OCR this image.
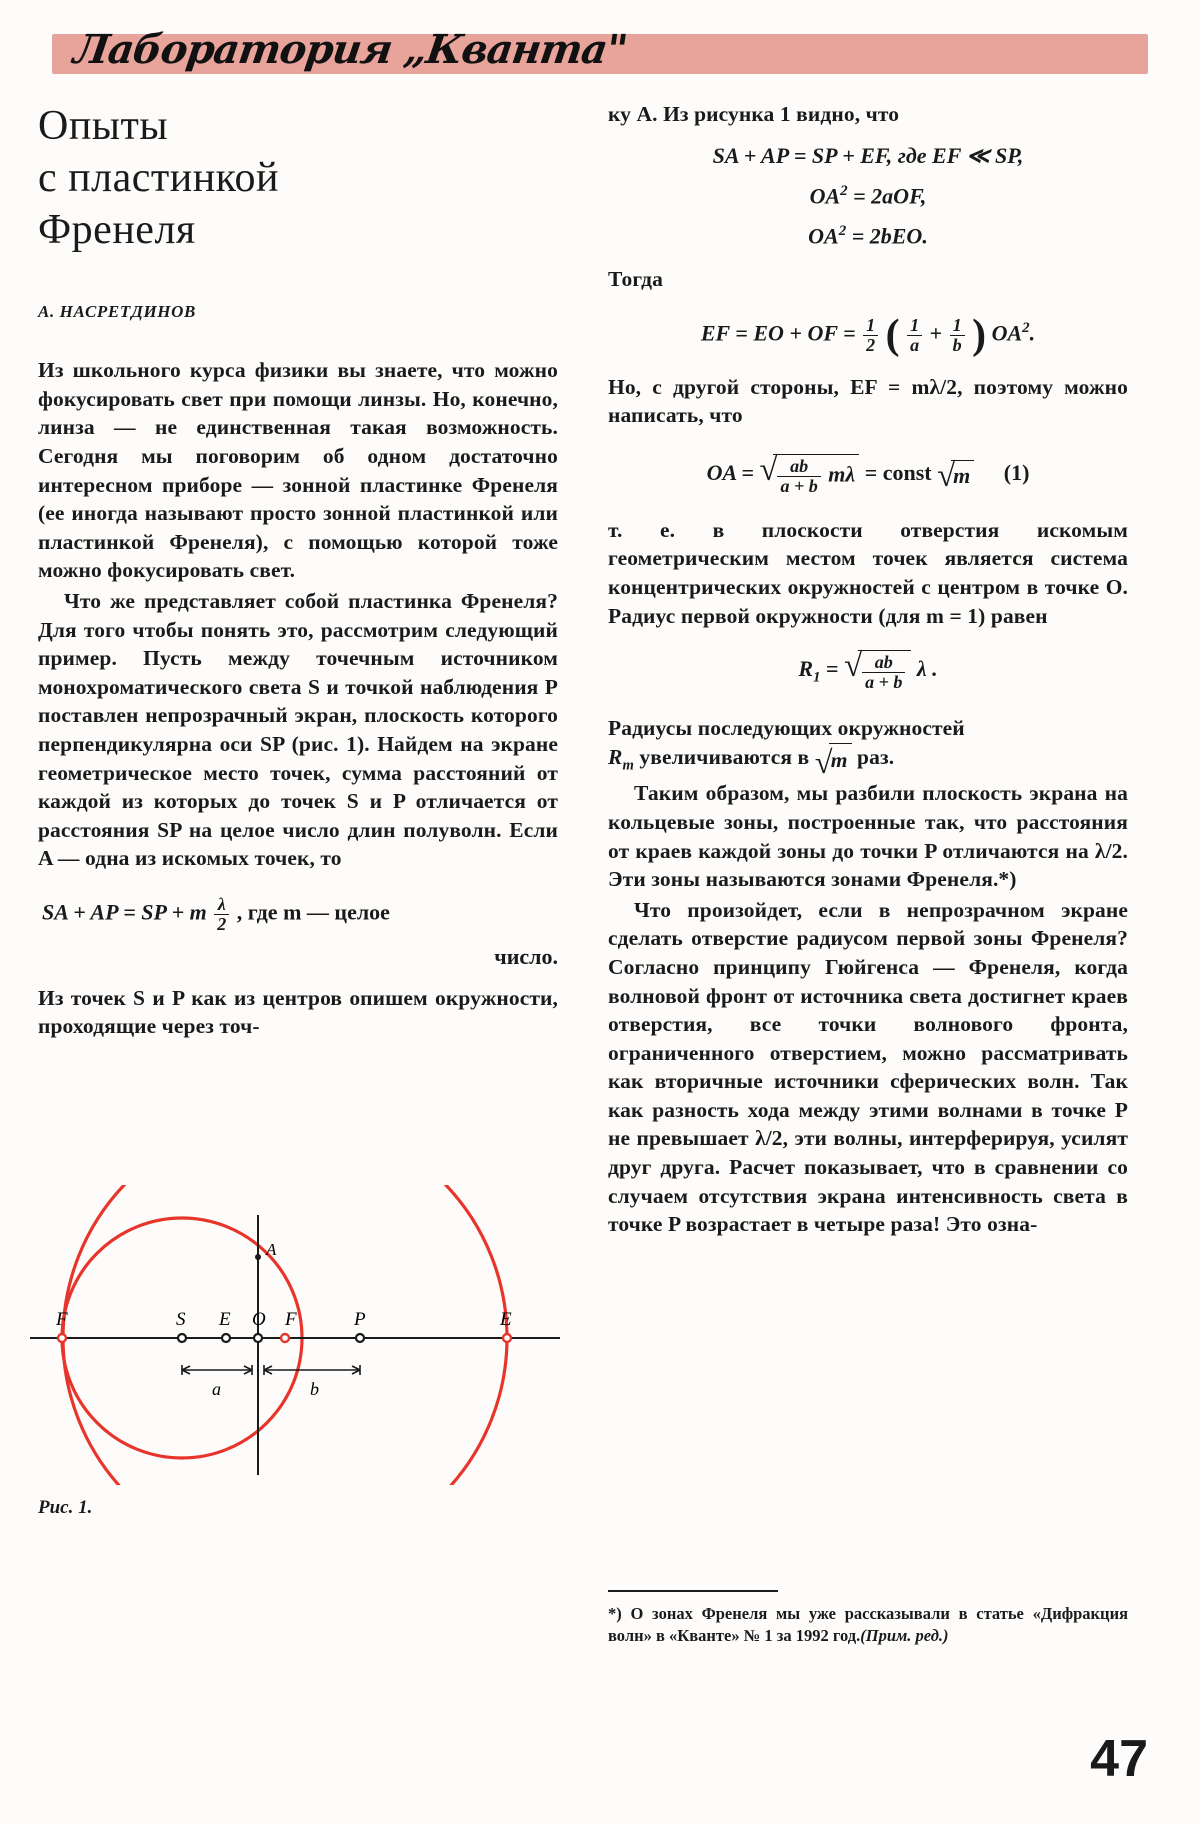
Лаборатория „Кванта"
Опыты
с пластинкой
Френеля
А. НАСРЕТДИНОВ

Из школьного курса физики вы знаете, что можно фокусировать свет при помощи линзы. Но, конечно, линза — не единственная такая возможность. Сегодня мы поговорим об одном достаточно интересном приборе — зонной пластинке Френеля (ее иногда называют просто зонной пластинкой или пластинкой Френеля), с помощью которой тоже можно фокусировать свет.

Что же представляет собой пластинка Френеля? Для того чтобы понять это, рассмотрим следующий пример. Пусть между точечным источником монохроматического света S и точкой наблюдения P поставлен непрозрачный экран, плоскость которого перпендикулярна оси SP (рис. 1). Найдем на экране геометрическое место точек, сумма расстояний от каждой из которых до точек S и P отличается от расстояния SP на целое число длин полуволн. Если A — одна из искомых точек, то

SA + AP = SP + m $\frac{\lambda}{2}$ , где m — целое
число.

Из точек S и P как из центров опишем окружности, проходящие через точ-

F	S E O F	P	E
A
a	b
Рис. 1.

ку A. Из рисунка 1 видно, что

SA + AP = SP + EF, где EF ≪ SP,
$OA^2 = 2aOF$,
$OA^2 = 2bEO$.

Тогда

EF = EO + OF = $\frac{1}{2}$ ( $\frac{1}{a} + \frac{1}{b}$ ) $OA^2$.

Но, с другой стороны, EF = mλ/2, поэтому можно написать, что

OA = √ $\frac{ab}{a + b}$ mλ = const √ m (1)

т. е. в плоскости отверстия искомым геометрическим местом точек является система концентрических окружностей с центром в точке O. Радиус первой окружности (для m = 1) равен

$R_1$ = √ $\frac{ab}{a + b}$ λ .

Радиусы последующих окружностей

$R_m$ увеличиваются в √ m раз.

Таким образом, мы разбили плоскость экрана на кольцевые зоны, построенные так, что расстояния от краев каждой зоны до точки P отличаются на λ/2. Эти зоны называются зонами Френеля.*)

Что произойдет, если в непрозрачном экране сделать отверстие радиусом первой зоны Френеля? Согласно принципу Гюйгенса — Френеля, когда волновой фронт от источника света достигнет краев отверстия, все точки волнового фронта, ограниченного отверстием, можно рассматривать как вторичные источники сферических волн. Так как разность хода между этими волнами в точке P не превышает λ/2, эти волны, интерферируя, усилят друг друга. Расчет показывает, что в сравнении со случаем отсутствия экрана интенсивность света в точке P возрастает в четыре раза! Это озна-

*) О зонах Френеля мы уже рассказывали в статье «Дифракция волн» в «Кванте» № 1 за 1992 год.(Прим. ред.)

47
